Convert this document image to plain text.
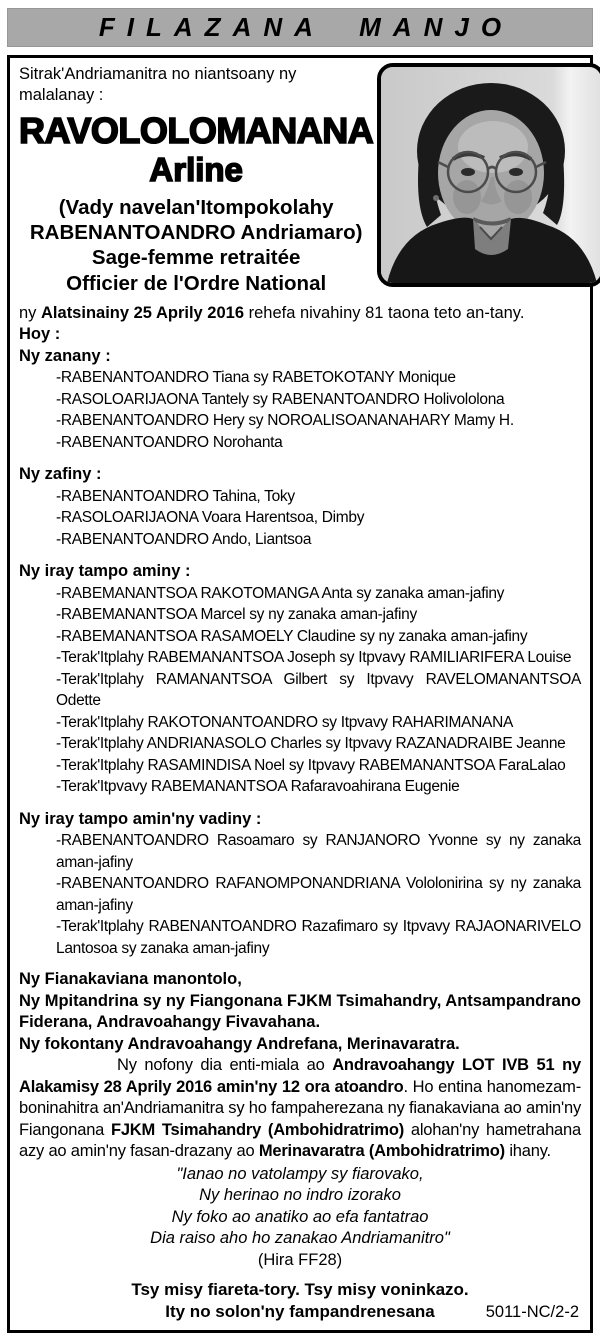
FILAZANA MANJO
Sitrak'Andriamanitra no niantsoany ny malalanay :
RAVOLOLOMANANA
Arline
(Vady navelan'Itompokolahy
RABENANTOANDRO Andriamaro)
Sage-femme retraitée
Officier de l'Ordre National
ny Alatsinainy 25 Aprily 2016 rehefa nivahiny 81 taona teto an-tany.
Hoy :
Ny zanany :
-RABENANTOANDRO Tiana sy RABETOKOTANY Monique
-RASOLOARIJAONA Tantely sy RABENANTOANDRO Holivololona
-RABENANTOANDRO Hery sy NOROALISOANANAHARY Mamy H.
-RABENANTOANDRO Norohanta
Ny zafiny :
-RABENANTOANDRO Tahina, Toky
-RASOLOARIJAONA Voara Harentsoa, Dimby
-RABENANTOANDRO Ando, Liantsoa
Ny iray tampo aminy :
-RABEMANANTSOA RAKOTOMANGA Anta sy zanaka aman-jafiny
-RABEMANANTSOA Marcel sy ny zanaka aman-jafiny
-RABEMANANTSOA RASAMOELY Claudine sy ny zanaka aman-jafiny
-Terak'Itplahy RABEMANANTSOA Joseph sy Itpvavy RAMILIARIFERA Louise
-Terak'Itplahy RAMANANTSOA Gilbert sy Itpvavy RAVELOMANANTSOA Odette
-Terak'Itplahy RAKOTONANTOANDRO sy Itpvavy RAHARIMANANA
-Terak'Itplahy ANDRIANASOLO Charles sy Itpvavy RAZANADRAIBE Jeanne
-Terak'Itplahy RASAMINDISA Noel sy Itpvavy RABEMANANTSOA FaraLalao
-Terak'Itpvavy RABEMANANTSOA Rafaravoahirana Eugenie
Ny iray tampo amin'ny vadiny :
-RABENANTOANDRO Rasoamaro sy RANJANORO Yvonne sy ny zanaka aman-jafiny
-RABENANTOANDRO RAFANOMPONANDRIANA Vololonirina sy ny zanaka aman-jafiny
-Terak'Itplahy RABENANTOANDRO Razafimaro sy Itpvavy RAJAONARIVELO Lantosoa sy zanaka aman-jafiny
Ny Fianakaviana manontolo,
Ny Mpitandrina sy ny Fiangonana FJKM Tsimahandry, Antsampandrano Fiderana, Andravoahangy Fivavahana.
Ny fokontany Andravoahangy Andrefana, Merinavaratra.

Ny nofony dia enti-miala ao Andravoahangy LOT IVB 51 ny Alakamisy 28 Aprily 2016 amin'ny 12 ora atoandro. Ho entina hanomezam-boninahitra an'Andriamanitra sy ho fampaherezana ny fianakaviana ao amin'ny Fiangonana FJKM Tsimahandry (Ambohidratrimo) alohan'ny hametrahana azy ao amin'ny fasan-drazany ao Merinavaratra (Ambohidratrimo) ihany.

"Ianao no vatolampy sy fiarovako,
Ny herinao no indro izorako
Ny foko ao anatiko ao efa fantatrao
Dia raiso aho ho zanakao Andriamanitro"
(Hira FF28)
Tsy misy fiareta-tory. Tsy misy voninkazo.
Ity no solon'ny fampandrenesana	5011-NC/2-2
